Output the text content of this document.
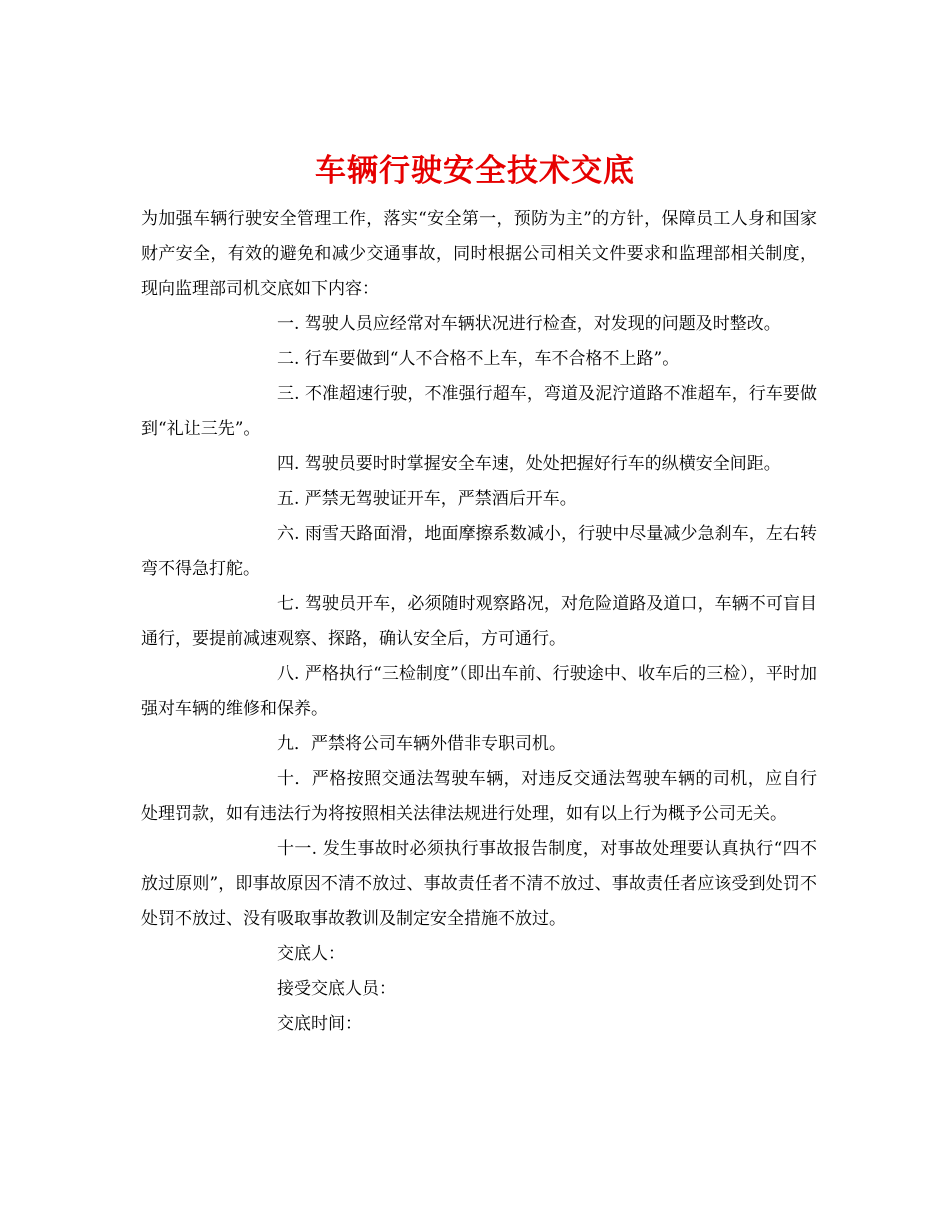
车辆行驶安全技术交底

为加强车辆行驶安全管理工作，落实“安全第一，预防为主”的方针，保障员工人身和国家财产安全，有效的避免和减少交通事故，同时根据公司相关文件要求和监理部相关制度，现向监理部司机交底如下内容：

一. 驾驶人员应经常对车辆状况进行检查，对发现的问题及时整改。

二. 行车要做到“人不合格不上车，车不合格不上路”。

三. 不准超速行驶，不准强行超车，弯道及泥泞道路不准超车，行车要做到“礼让三先”。

四. 驾驶员要时时掌握安全车速，处处把握好行车的纵横安全间距。

五. 严禁无驾驶证开车，严禁酒后开车。

六. 雨雪天路面滑，地面摩擦系数减小，行驶中尽量减少急刹车，左右转弯不得急打舵。

七. 驾驶员开车，必须随时观察路况，对危险道路及道口，车辆不可盲目通行，要提前减速观察、探路，确认安全后，方可通行。

八. 严格执行“三检制度”（即出车前、行驶途中、收车后的三检），平时加强对车辆的维修和保养。

九．严禁将公司车辆外借非专职司机。

十．严格按照交通法驾驶车辆，对违反交通法驾驶车辆的司机，应自行处理罚款，如有违法行为将按照相关法律法规进行处理，如有以上行为概予公司无关。

十一. 发生事故时必须执行事故报告制度，对事故处理要认真执行“四不放过原则”，即事故原因不清不放过、事故责任者不清不放过、事故责任者应该受到处罚不处罚不放过、没有吸取事故教训及制定安全措施不放过。

交底人：

接受交底人员：

交底时间：
